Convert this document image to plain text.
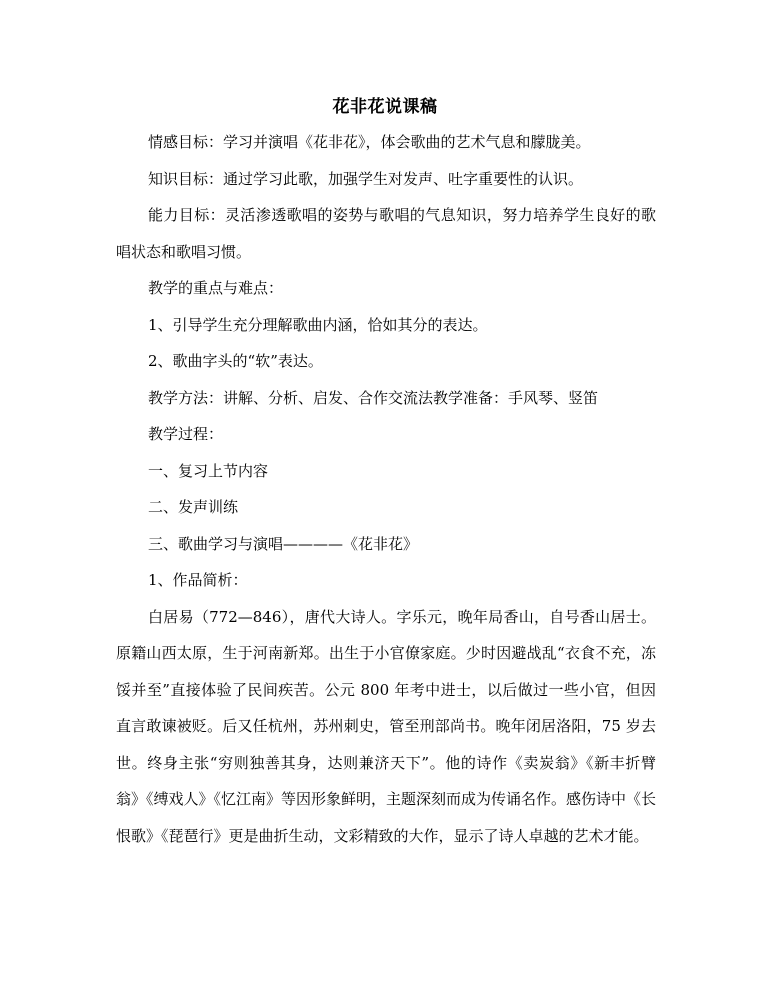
花非花说课稿

情感目标：学习并演唱《花非花》，体会歌曲的艺术气息和朦胧美。

知识目标：通过学习此歌，加强学生对发声、吐字重要性的认识。

能力目标：灵活渗透歌唱的姿势与歌唱的气息知识，努力培养学生良好的歌唱状态和歌唱习惯。

教学的重点与难点：

1、引导学生充分理解歌曲内涵，恰如其分的表达。

2、歌曲字头的“软”表达。

教学方法：讲解、分析、启发、合作交流法教学准备：手风琴、竖笛

教学过程：

一、复习上节内容

二、发声训练

三、歌曲学习与演唱————《花非花》

1、作品简析：

白居易（772—846），唐代大诗人。字乐元，晚年局香山，自号香山居士。原籍山西太原，生于河南新郑。出生于小官僚家庭。少时因避战乱“衣食不充，冻馁并至”直接体验了民间疾苦。公元 800 年考中进士，以后做过一些小官，但因直言敢谏被贬。后又任杭州，苏州刺史，管至刑部尚书。晚年闭居洛阳，75 岁去世。终身主张“穷则独善其身，达则兼济天下”。他的诗作《卖炭翁》《新丰折臂翁》《缚戏人》《忆江南》等因形象鲜明，主题深刻而成为传诵名作。感伤诗中《长恨歌》《琵琶行》更是曲折生动，文彩精致的大作，显示了诗人卓越的艺术才能。
